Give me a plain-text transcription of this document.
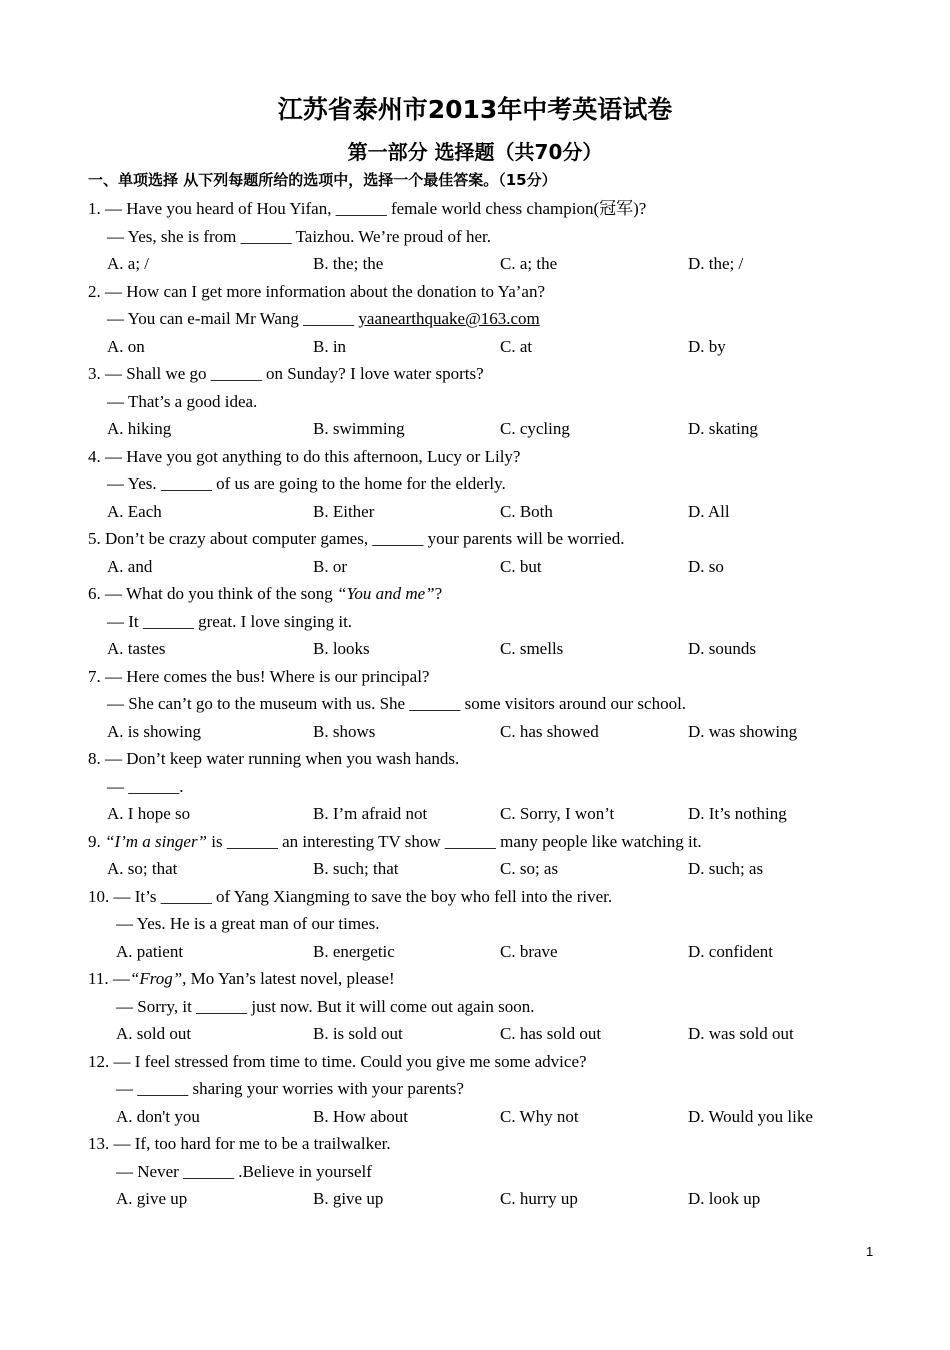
江苏省泰州市2013年中考英语试卷
第一部分 选择题（共70分）
一、单项选择 从下列每题所给的选项中，选择一个最佳答案。（15分）
1. — Have you heard of Hou Yifan, ______ female world chess champion(冠军)?
— Yes, she is from ______ Taizhou. We’re proud of her.
A. a; /	B. the; the	C. a; the	D. the; /
2. — How can I get more information about the donation to Ya’an?
— You can e-mail Mr Wang ______ yaanearthquake@163.com
A. on	B. in	C. at	D. by
3. — Shall we go ______ on Sunday? I love water sports?
— That’s a good idea.
A. hiking	B. swimming	C. cycling	D. skating
4. — Have you got anything to do this afternoon, Lucy or Lily?
— Yes. ______ of us are going to the home for the elderly.
A. Each	B. Either	C. Both	D. All
5. Don’t be crazy about computer games, ______ your parents will be worried.
A. and	B. or	C. but	D. so
6. — What do you think of the song “You and me”?
— It ______ great. I love singing it.
A. tastes	B. looks	C. smells	D. sounds
7. — Here comes the bus! Where is our principal?
— She can’t go to the museum with us. She ______ some visitors around our school.
A. is showing	B. shows	C. has showed	D. was showing
8. — Don’t keep water running when you wash hands.
— ______.
A. I hope so	B. I’m afraid not	C. Sorry, I won’t	D. It’s nothing
9. “I’m a singer” is ______ an interesting TV show ______ many people like watching it.
A. so; that	B. such; that	C. so; as	D. such; as
10. — It’s ______ of Yang Xiangming to save the boy who fell into the river.
— Yes. He is a great man of our times.
A. patient	B. energetic	C. brave	D. confident
11. —“Frog”, Mo Yan’s latest novel, please!
— Sorry, it ______ just now. But it will come out again soon.
A. sold out	B. is sold out	C. has sold out	D. was sold out
12. — I feel stressed from time to time. Could you give me some advice?
— ______ sharing your worries with your parents?
A. don't you	B. How about	C. Why not	D. Would you like
13. — If, too hard for me to be a trailwalker.
— Never ______ .Believe in yourself
A. give up	B. give up	C. hurry up	D. look up
1
